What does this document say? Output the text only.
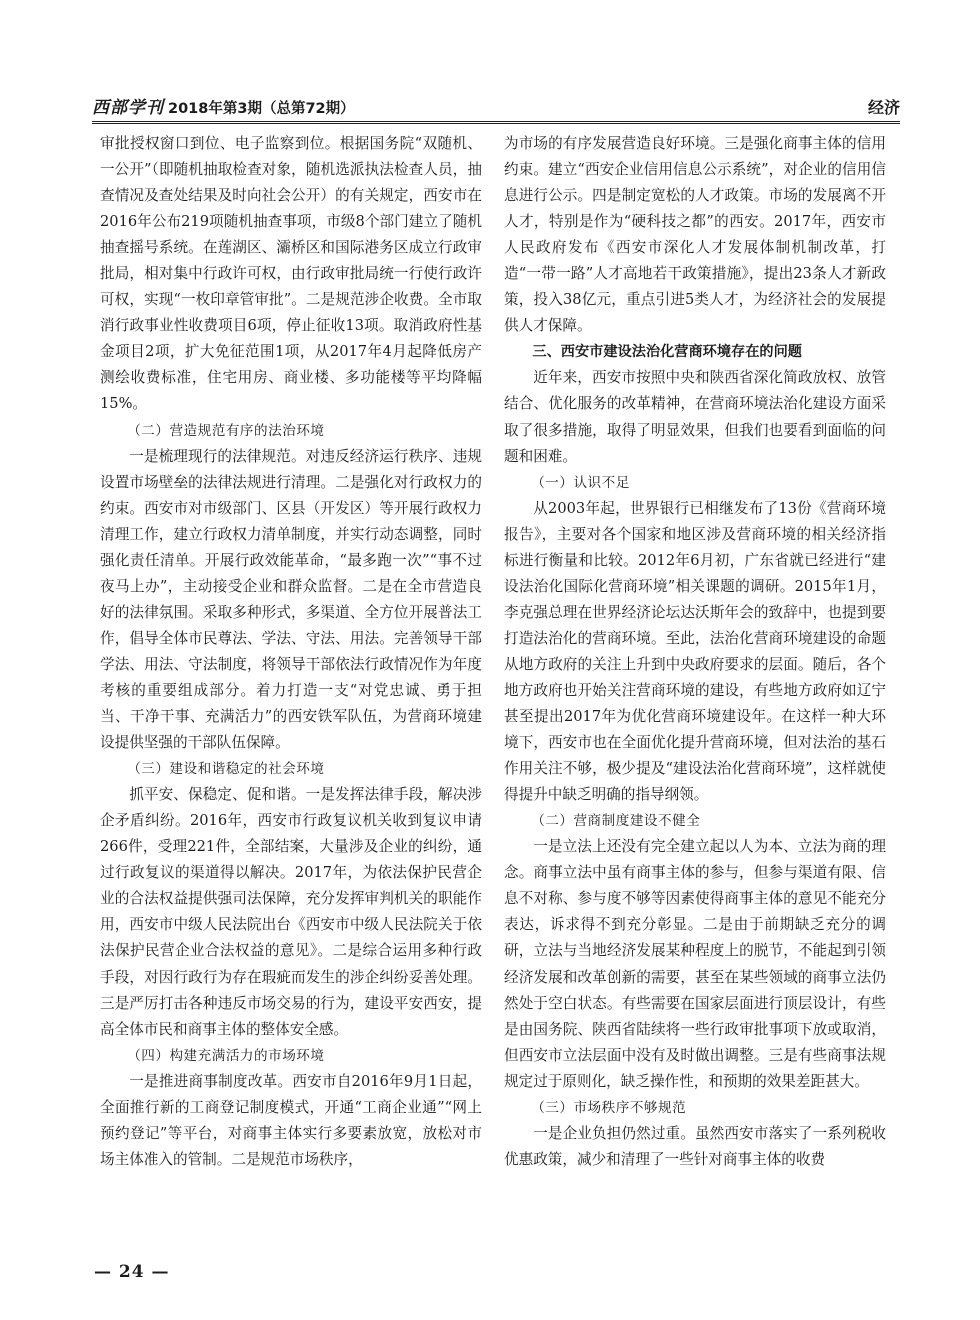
西部学刊 2018年第3期（总第72期）	经济

审批授权窗口到位、电子监察到位。根据国务院“双随机、一公开”（即随机抽取检查对象，随机选派执法检查人员，抽查情况及查处结果及时向社会公开）的有关规定，西安市在2016年公布219项随机抽查事项，市级8个部门建立了随机抽查摇号系统。在莲湖区、灞桥区和国际港务区成立行政审批局，相对集中行政许可权，由行政审批局统一行使行政许可权，实现“一枚印章管审批”。二是规范涉企收费。全市取消行政事业性收费项目6项，停止征收13项。取消政府性基金项目2项，扩大免征范围1项，从2017年4月起降低房产测绘收费标准，住宅用房、商业楼、多功能楼等平均降幅15%。

（二）营造规范有序的法治环境

一是梳理现行的法律规范。对违反经济运行秩序、违规设置市场壁垒的法律法规进行清理。二是强化对行政权力的约束。西安市对市级部门、区县（开发区）等开展行政权力清理工作，建立行政权力清单制度，并实行动态调整，同时强化责任清单。开展行政效能革命，“最多跑一次”“事不过夜马上办”，主动接受企业和群众监督。二是在全市营造良好的法律氛围。采取多种形式，多渠道、全方位开展普法工作，倡导全体市民尊法、学法、守法、用法。完善领导干部学法、用法、守法制度，将领导干部依法行政情况作为年度考核的重要组成部分。着力打造一支“对党忠诚、勇于担当、干净干事、充满活力”的西安铁军队伍，为营商环境建设提供坚强的干部队伍保障。

（三）建设和谐稳定的社会环境

抓平安、保稳定、促和谐。一是发挥法律手段，解决涉企矛盾纠纷。2016年，西安市行政复议机关收到复议申请266件，受理221件，全部结案，大量涉及企业的纠纷，通过行政复议的渠道得以解决。2017年，为依法保护民营企业的合法权益提供强司法保障，充分发挥审判机关的职能作用，西安市中级人民法院出台《西安市中级人民法院关于依法保护民营企业合法权益的意见》。二是综合运用多种行政手段，对因行政行为存在瑕疵而发生的涉企纠纷妥善处理。三是严厉打击各种违反市场交易的行为，建设平安西安，提高全体市民和商事主体的整体安全感。

（四）构建充满活力的市场环境

一是推进商事制度改革。西安市自2016年9月1日起，全面推行新的工商登记制度模式，开通“工商企业通”“网上预约登记”等平台，对商事主体实行多要素放宽，放松对市场主体准入的管制。二是规范市场秩序，

为市场的有序发展营造良好环境。三是强化商事主体的信用约束。建立“西安企业信用信息公示系统”，对企业的信用信息进行公示。四是制定宽松的人才政策。市场的发展离不开人才，特别是作为“硬科技之都”的西安。2017年，西安市人民政府发布《西安市深化人才发展体制机制改革，打造“一带一路”人才高地若干政策措施》，提出23条人才新政策，投入38亿元，重点引进5类人才，为经济社会的发展提供人才保障。

三、西安市建设法治化营商环境存在的问题

近年来，西安市按照中央和陕西省深化简政放权、放管结合、优化服务的改革精神，在营商环境法治化建设方面采取了很多措施，取得了明显效果，但我们也要看到面临的问题和困难。

（一）认识不足

从2003年起，世界银行已相继发布了13份《营商环境报告》，主要对各个国家和地区涉及营商环境的相关经济指标进行衡量和比较。2012年6月初，广东省就已经进行“建设法治化国际化营商环境”相关课题的调研。2015年1月，李克强总理在世界经济论坛达沃斯年会的致辞中，也提到要打造法治化的营商环境。至此，法治化营商环境建设的命题从地方政府的关注上升到中央政府要求的层面。随后，各个地方政府也开始关注营商环境的建设，有些地方政府如辽宁甚至提出2017年为优化营商环境建设年。在这样一种大环境下，西安市也在全面优化提升营商环境，但对法治的基石作用关注不够，极少提及“建设法治化营商环境”，这样就使得提升中缺乏明确的指导纲领。

（二）营商制度建设不健全

一是立法上还没有完全建立起以人为本、立法为商的理念。商事立法中虽有商事主体的参与，但参与渠道有限、信息不对称、参与度不够等因素使得商事主体的意见不能充分表达，诉求得不到充分彰显。二是由于前期缺乏充分的调研，立法与当地经济发展某种程度上的脱节，不能起到引领经济发展和改革创新的需要，甚至在某些领域的商事立法仍然处于空白状态。有些需要在国家层面进行顶层设计，有些是由国务院、陕西省陆续将一些行政审批事项下放或取消，但西安市立法层面中没有及时做出调整。三是有些商事法规规定过于原则化，缺乏操作性，和预期的效果差距甚大。

（三）市场秩序不够规范

一是企业负担仍然过重。虽然西安市落实了一系列税收优惠政策，减少和清理了一些针对商事主体的收费

— 24 —
